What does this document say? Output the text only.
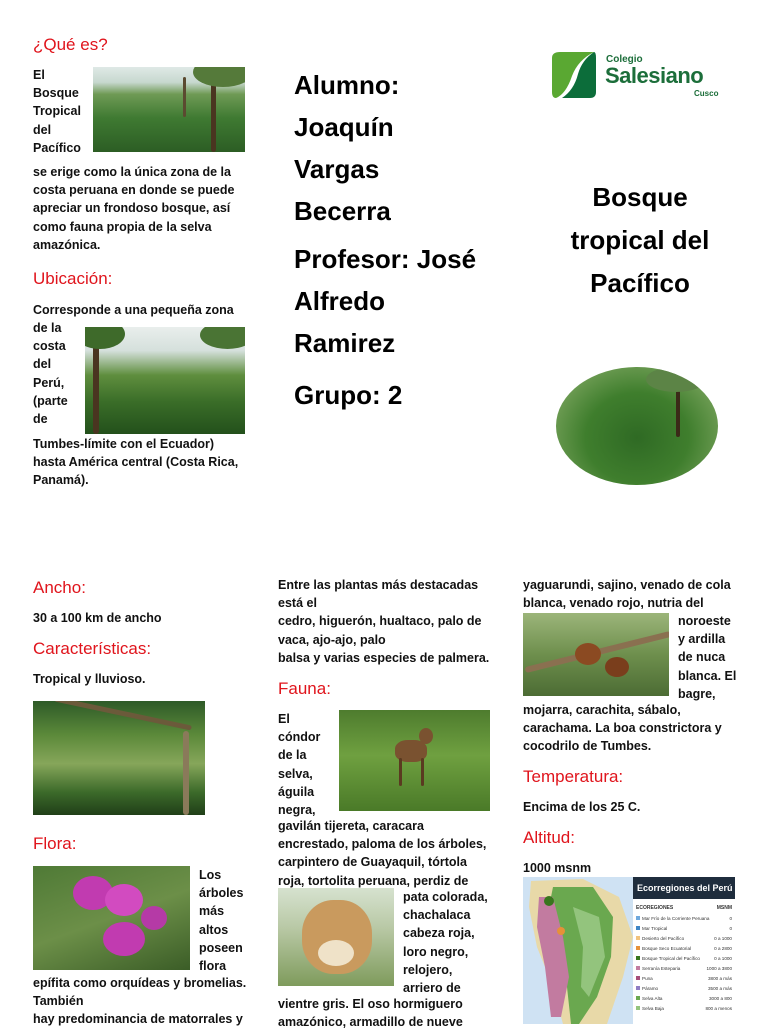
¿Qué es?
El
Bosque
Tropical
del
Pacífico
se erige como la única zona de la
costa peruana en donde se puede
apreciar un frondoso bosque, así
como fauna propia de la selva
amazónica.
Ubicación:
Corresponde a una pequeña zona
de la
costa
del
Perú,
(parte
de
Tumbes-límite con el Ecuador)
hasta América central (Costa Rica,
Panamá).
Alumno:
Joaquín
Vargas
Becerra
Profesor: José
Alfredo
Ramirez
Grupo: 2
Colegio
Salesiano
Cusco
Bosque
tropical del
Pacífico
Ancho:
30 a 100 km de ancho
Características:
Tropical y lluvioso.
Flora:
Los
árboles
más
altos
poseen
flora
epífita como orquídeas y bromelias.
También
hay predominancia de matorrales y
Entre las plantas más destacadas
está el
cedro, higuerón, hualtaco, palo de
vaca, ajo-ajo, palo
balsa y varias especies de palmera.
Fauna:
El
cóndor
de la
selva,
águila
negra,
gavilán tijereta, caracara
encrestado, paloma de los árboles,
carpintero de Guayaquil, tórtola
roja, tortolita peruana, perdiz de
pata colorada,
chachalaca
cabeza roja,
loro negro,
relojero,
arriero de
vientre gris. El oso hormiguero
amazónico, armadillo de nueve
yaguarundi, sajino, venado de cola
blanca, venado rojo, nutria del
noroeste
y ardilla
de nuca
blanca. El
bagre,
mojarra, carachita, sábalo,
carachama. La boa constrictora y
cocodrilo de Tumbes.
Temperatura:
Encima de los 25 C.
Altitud:
1000 msnm
Ecorregiones del Perú
ECOREGIONES	MSNM
Mar Frío de la Corriente Peruana	0
Mar Tropical	0
Desierto del Pacífico	0 a 1000
Bosque Seco Ecuatorial	0 a 2800
Bosque Tropical del Pacífico	0 a 1000
Serranía Esteparia	1000 a 3800
Puna	3800 a más
Páramo	3500 a más
Selva Alta	3000 a 800
Selva Baja	800 a menos
